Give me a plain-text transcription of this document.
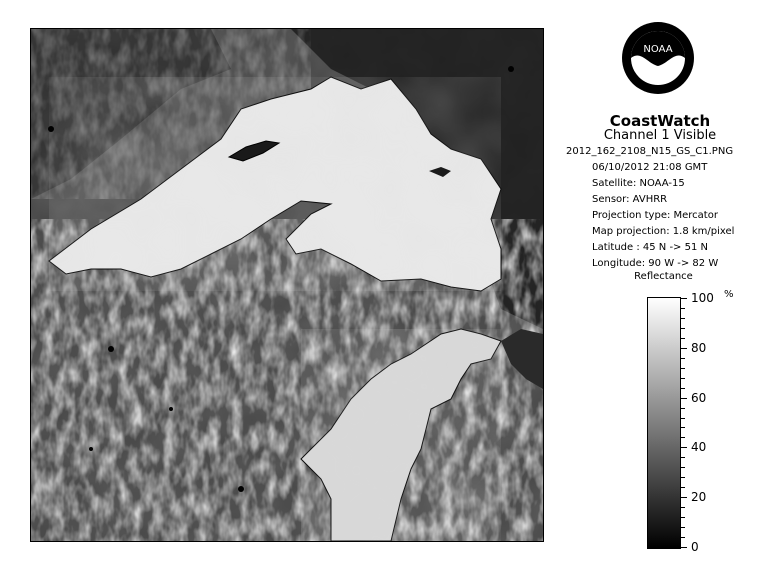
NOAA
CoastWatch
Channel 1 Visible
2012_162_2108_N15_GS_C1.PNG
06/10/2012 21:08 GMT
Satellite: NOAA-15
Sensor: AVHRR
Projection type: Mercator
Map projection: 1.8 km/pixel
Latitude : 45 N -> 51 N
Longitude: 90 W -> 82 W
Reflectance
%
100
80
60
40
20
0
